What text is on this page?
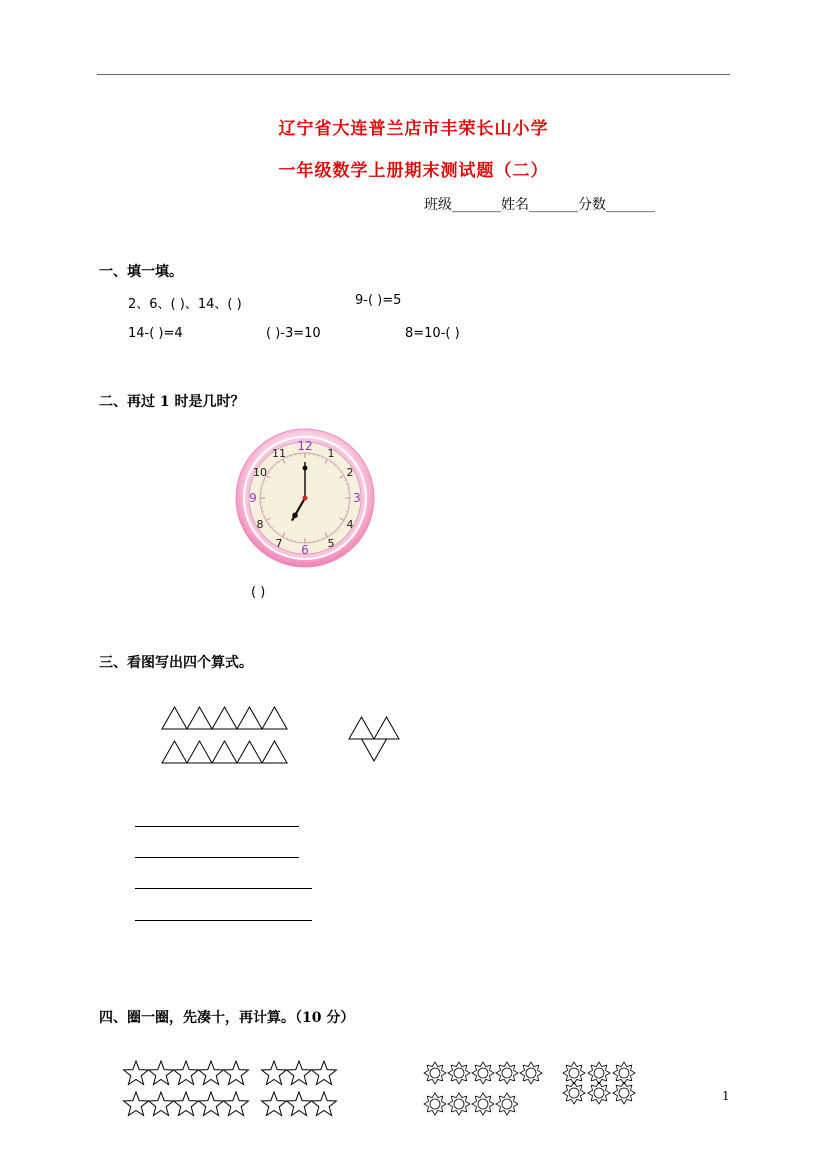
辽宁省大连普兰店市丰荣长山小学
一年级数学上册期末测试题（二）
班级_______姓名_______分数_______
一、填一填。
2、6、( )、14、( )	9-( )=5
14-( )=4	( )-3=10	8=10-( )
二、再过 1 时是几时？
12
1
2
3
4
5
6
7
8
9
10
11
( )
三、看图写出四个算式。
四、圈一圈，先凑十，再计算。（10 分）
1
